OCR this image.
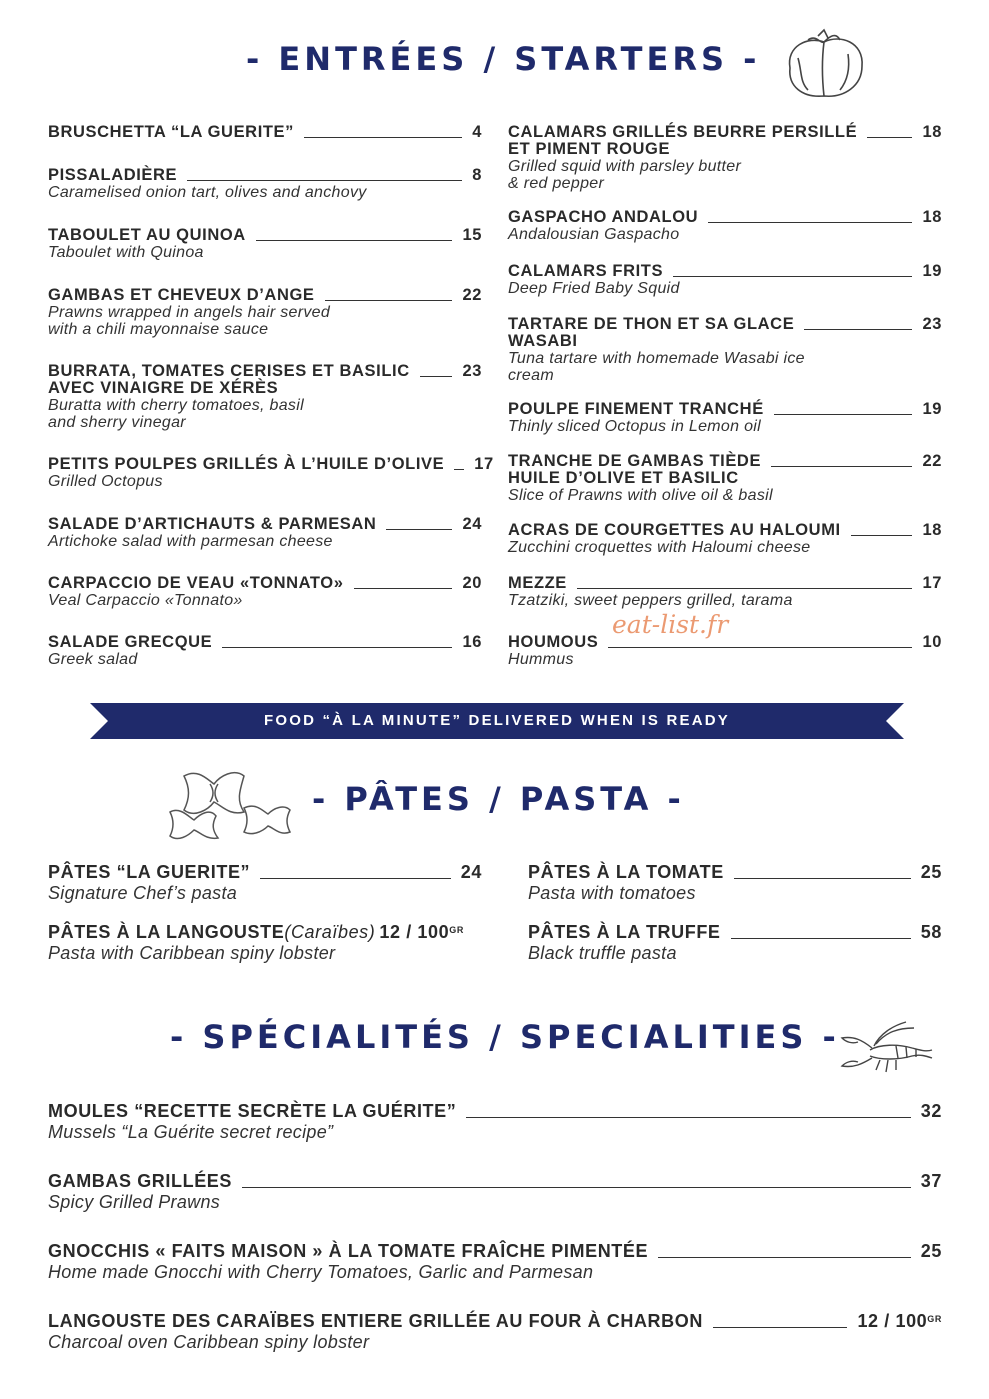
- ENTRÉES / STARTERS -
- PÂTES / PASTA -
- SPÉCIALITÉS / SPECIALITIES -
BRUSCHETTA “LA GUERITE”	4
PISSALADIÈRE	8
Caramelised onion tart, olives and anchovy
TABOULET AU QUINOA	15
Taboulet with Quinoa
GAMBAS ET CHEVEUX D’ANGE	22
Prawns wrapped in angels hair served
with a chili mayonnaise sauce
BURRATA, TOMATES CERISES ET BASILIC	23
AVEC VINAIGRE DE XÉRÈS
Buratta with cherry tomatoes, basil
and sherry vinegar
PETITS POULPES GRILLÉS À L’HUILE D’OLIVE 17
Grilled Octopus
SALADE D’ARTICHAUTS & PARMESAN	24
Artichoke salad with parmesan cheese
CARPACCIO DE VEAU «TONNATO»	20
Veal Carpaccio «Tonnato»
SALADE GRECQUE	16
Greek salad
CALAMARS GRILLÉS BEURRE PERSILLÉ	18
ET PIMENT ROUGE
Grilled squid with parsley butter
& red pepper
GASPACHO ANDALOU	18
Andalousian Gaspacho
CALAMARS FRITS	19
Deep Fried Baby Squid
TARTARE DE THON ET SA GLACE	23
WASABI
Tuna tartare with homemade Wasabi ice
cream
POULPE FINEMENT TRANCHÉ	19
Thinly sliced Octopus in Lemon oil
TRANCHE DE GAMBAS TIÈDE	22
HUILE D’OLIVE ET BASILIC
Slice of Prawns with olive oil & basil
ACRAS DE COURGETTES AU HALOUMI	18
Zucchini croquettes with Haloumi cheese
MEZZE	17
Tzatziki, sweet peppers grilled, tarama
HOUMOUS	10
Hummus
eat-list.fr
FOOD “À LA MINUTE” DELIVERED WHEN IS READY
PÂTES “LA GUERITE”	24
Signature Chef’s pasta
PÂTES À LA LANGOUSTE (Caraïbes) $12 / 100^{GR}$
Pasta with Caribbean spiny lobster
PÂTES À LA TOMATE	25
Pasta with tomatoes
PÂTES À LA TRUFFE	58
Black truffle pasta
MOULES “RECETTE SECRÈTE LA GUÉRITE”	32
Mussels “La Guérite secret recipe”
GAMBAS GRILLÉES	37
Spicy Grilled Prawns
GNOCCHIS « FAITS MAISON » À LA TOMATE FRAÎCHE PIMENTÉE	25
Home made Gnocchi with Cherry Tomatoes, Garlic and Parmesan
LANGOUSTE DES CARAÏBES ENTIERE GRILLÉE AU FOUR À CHARBON	$12 / 100^{GR}$
Charcoal oven Caribbean spiny lobster
